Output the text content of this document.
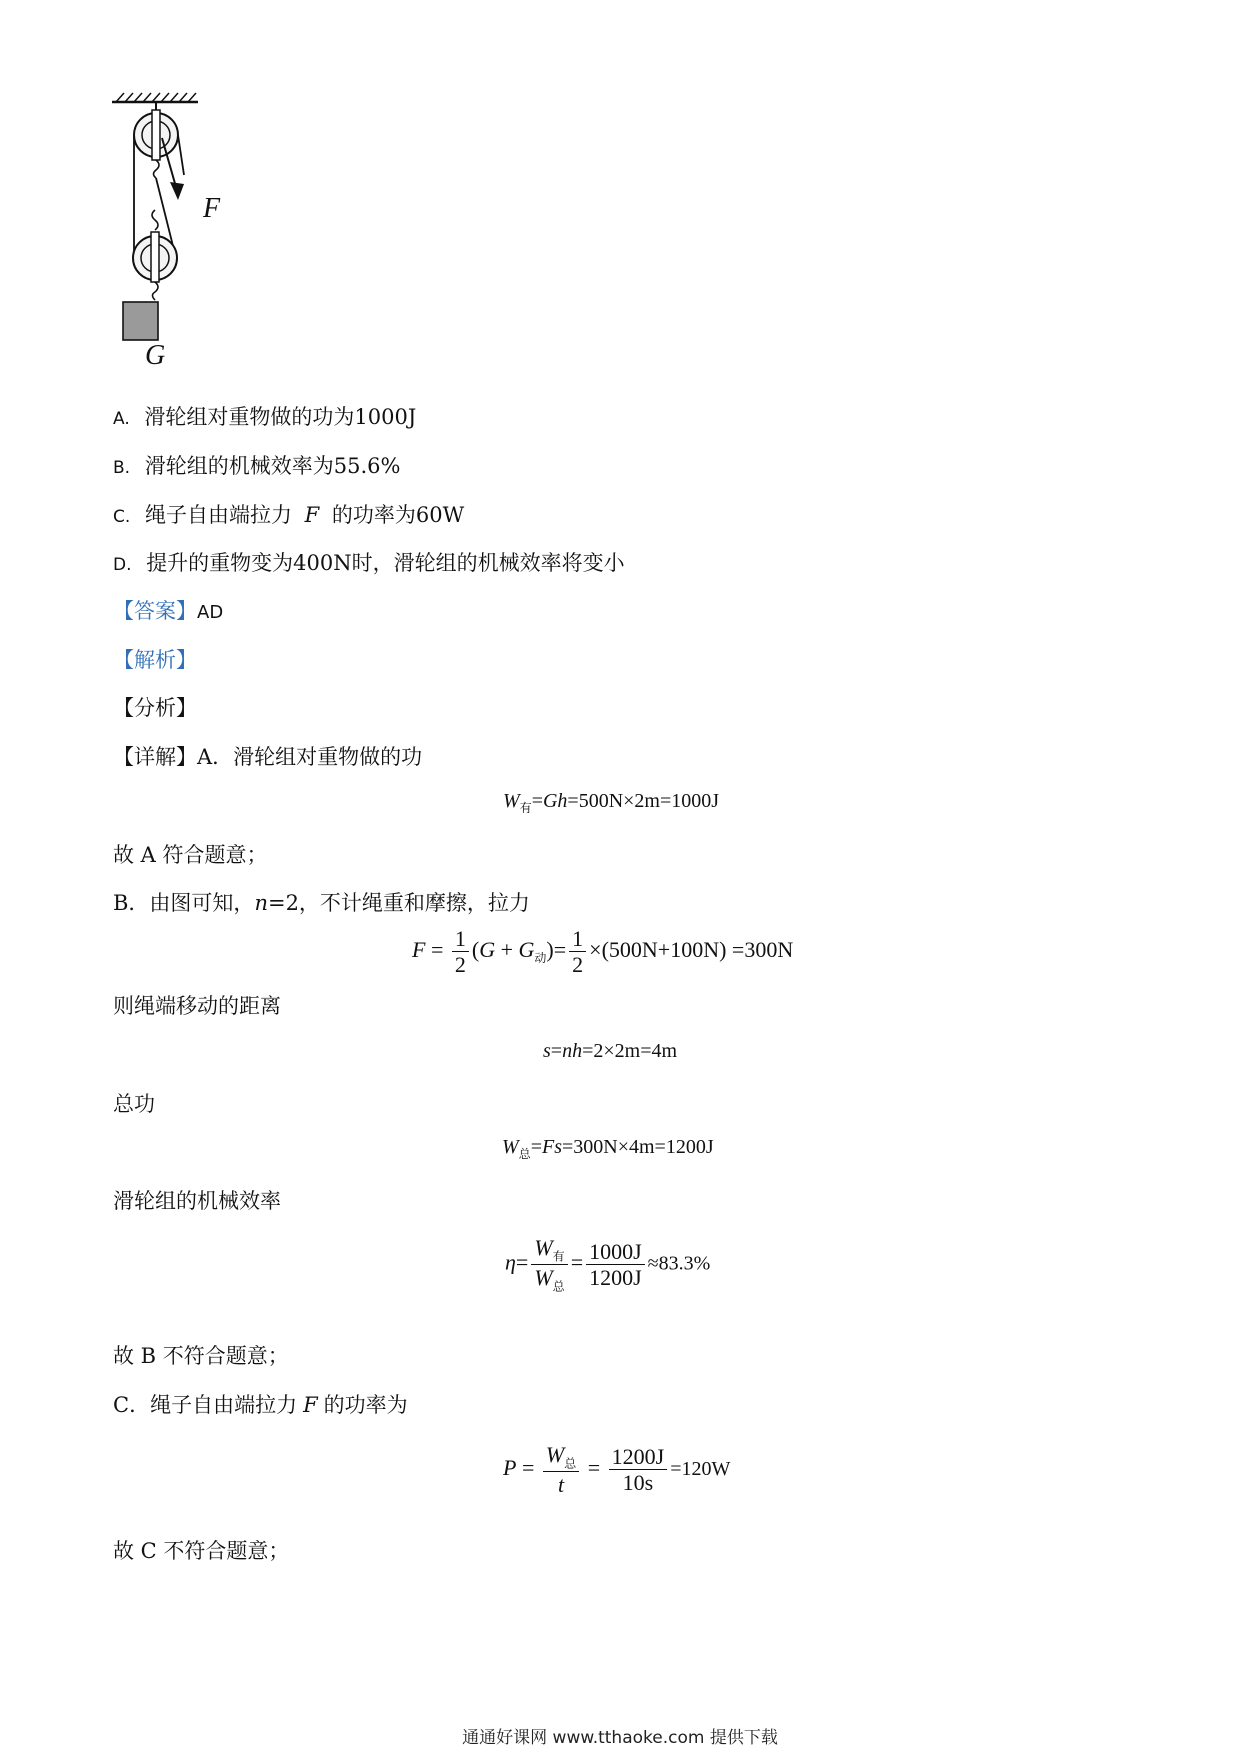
F
G
A. 滑轮组对重物做的功为1000J
B. 滑轮组的机械效率为55.6%
C. 绳子自由端拉力 F 的功率为60W
D. 提升的重物变为400N时，滑轮组的机械效率将变小
【答案】AD
【解析】
【分析】
【详解】A．滑轮组对重物做的功
$W_有=Gh=500N\times 2m=1000J$
故 A 符合题意；
B．由图可知，n=2，不计绳重和摩擦，拉力
$F = \frac{1}{2} (G + G_动)= \frac{1}{2} \times(500N+100N) =300N$
则绳端移动的距离
s=nh=2×2m=4m
总功
$W_总=Fs=300N\times 4m=1200J$
滑轮组的机械效率
$\eta= \frac{W_有}{W_总} = \frac{1000J}{1200J} \approx 83.3\%$
故 B 不符合题意；
C．绳子自由端拉力 F 的功率为
$P = \frac{W_总}{t} = \frac{1200J}{10s} =120W$
故 C 不符合题意；
通通好课网 www.tthaoke.com 提供下载
